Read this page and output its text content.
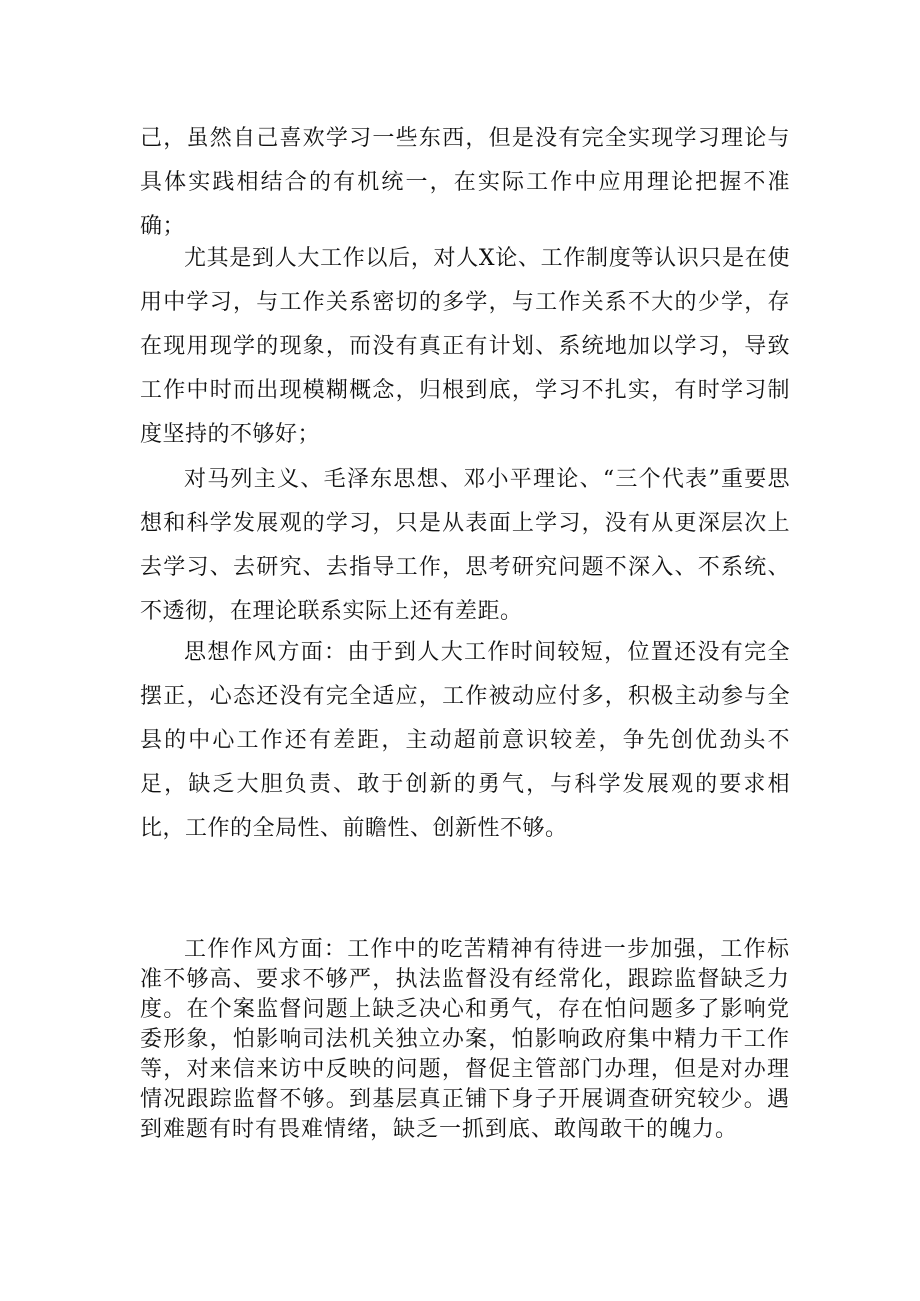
己，虽然自己喜欢学习一些东西，但是没有完全实现学习理论与具体实践相结合的有机统一，在实际工作中应用理论把握不准确；

尤其是到人大工作以后，对人X论、工作制度等认识只是在使用中学习，与工作关系密切的多学，与工作关系不大的少学，存在现用现学的现象，而没有真正有计划、系统地加以学习，导致工作中时而出现模糊概念，归根到底，学习不扎实，有时学习制度坚持的不够好；

对马列主义、毛泽东思想、邓小平理论、“三个代表”重要思想和科学发展观的学习，只是从表面上学习，没有从更深层次上去学习、去研究、去指导工作，思考研究问题不深入、不系统、不透彻，在理论联系实际上还有差距。

思想作风方面：由于到人大工作时间较短，位置还没有完全摆正，心态还没有完全适应，工作被动应付多，积极主动参与全县的中心工作还有差距，主动超前意识较差，争先创优劲头不足，缺乏大胆负责、敢于创新的勇气，与科学发展观的要求相比，工作的全局性、前瞻性、创新性不够。

工作作风方面：工作中的吃苦精神有待进一步加强，工作标准不够高、要求不够严，执法监督没有经常化，跟踪监督缺乏力度。在个案监督问题上缺乏决心和勇气，存在怕问题多了影响党委形象，怕影响司法机关独立办案，怕影响政府集中精力干工作等，对来信来访中反映的问题，督促主管部门办理，但是对办理情况跟踪监督不够。到基层真正铺下身子开展调查研究较少。遇到难题有时有畏难情绪，缺乏一抓到底、敢闯敢干的魄力。
